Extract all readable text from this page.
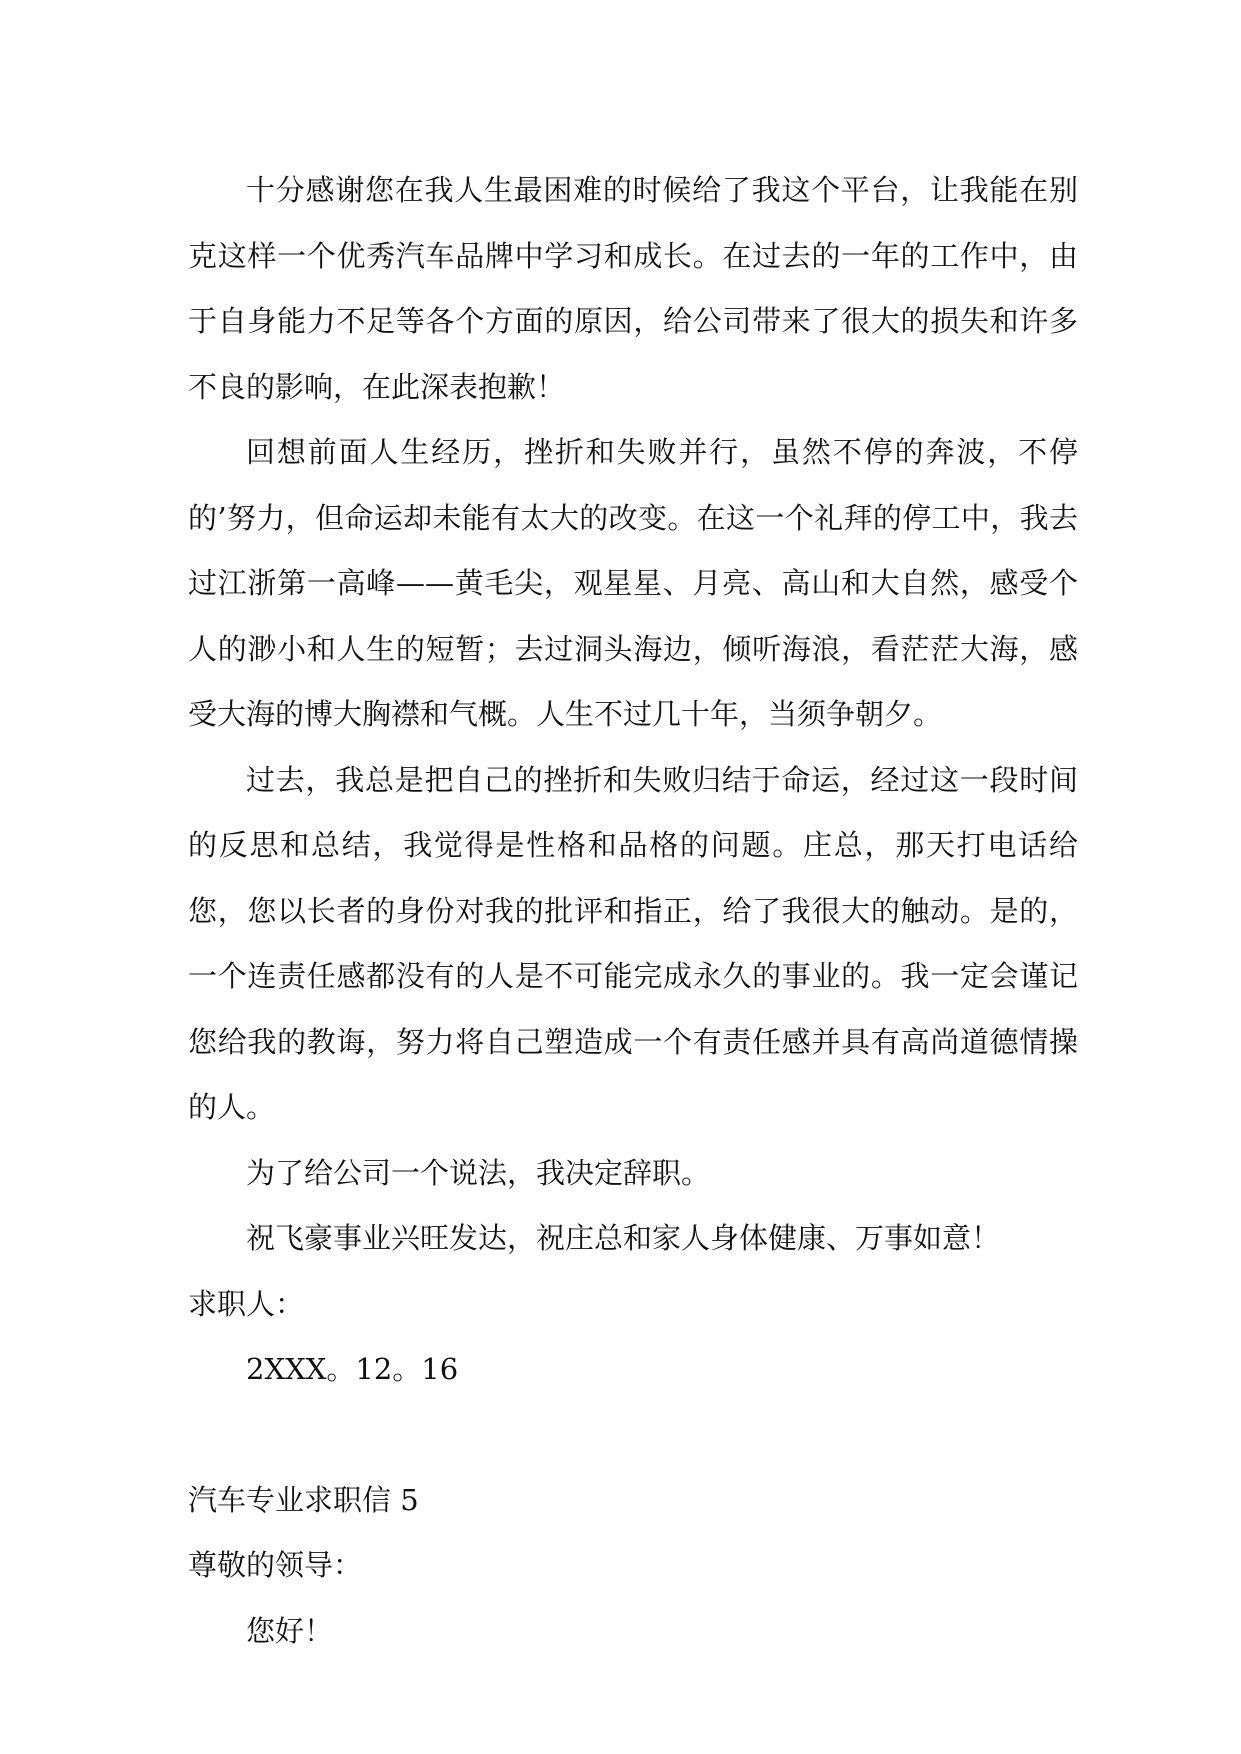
十分感谢您在我人生最困难的时候给了我这个平台，让我能在别克这样一个优秀汽车品牌中学习和成长。在过去的一年的工作中，由于自身能力不足等各个方面的原因，给公司带来了很大的损失和许多不良的影响，在此深表抱歉！

回想前面人生经历，挫折和失败并行，虽然不停的奔波，不停的’努力，但命运却未能有太大的改变。在这一个礼拜的停工中，我去过江浙第一高峰——黄毛尖，观星星、月亮、高山和大自然，感受个人的渺小和人生的短暂；去过洞头海边，倾听海浪，看茫茫大海，感受大海的博大胸襟和气概。人生不过几十年，当须争朝夕。

过去，我总是把自己的挫折和失败归结于命运，经过这一段时间的反思和总结，我觉得是性格和品格的问题。庄总，那天打电话给您，您以长者的身份对我的批评和指正，给了我很大的触动。是的，一个连责任感都没有的人是不可能完成永久的事业的。我一定会谨记您给我的教诲，努力将自己塑造成一个有责任感并具有高尚道德情操的人。

为了给公司一个说法，我决定辞职。

祝飞豪事业兴旺发达，祝庄总和家人身体健康、万事如意！

求职人：

2XXX。12。16

汽车专业求职信 5

尊敬的领导：

您好！
